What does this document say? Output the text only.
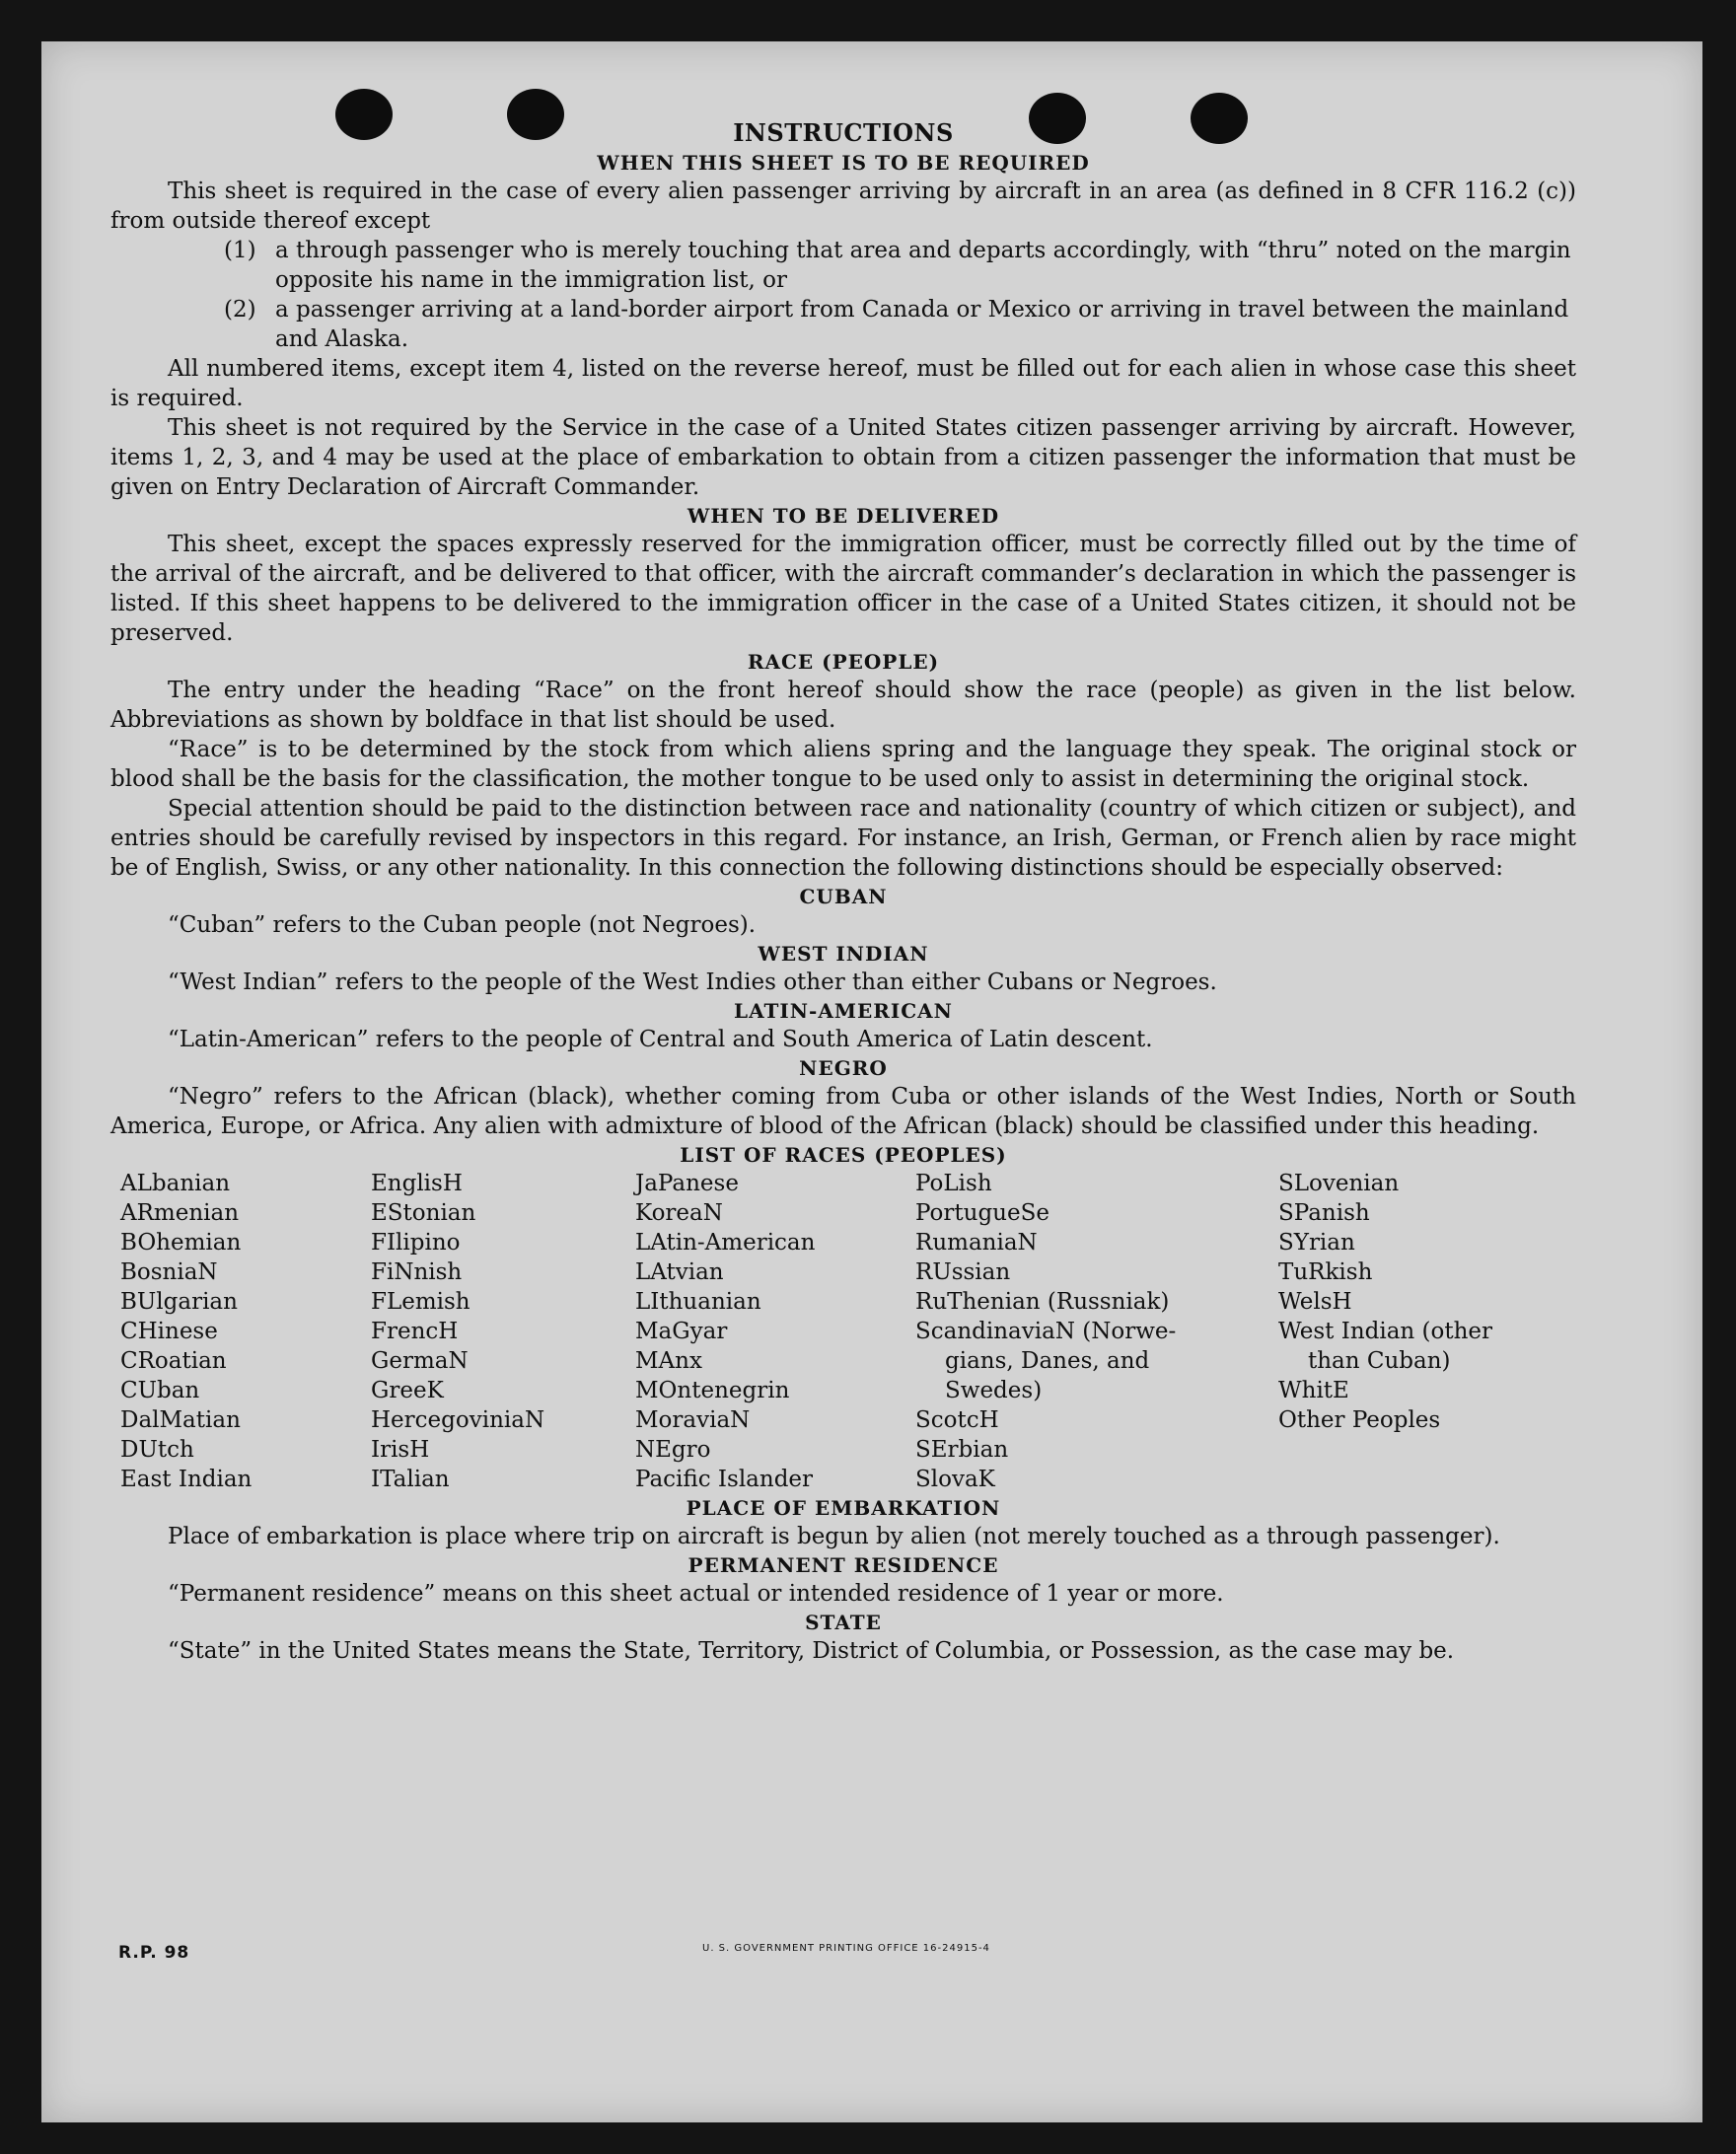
INSTRUCTIONS
WHEN THIS SHEET IS TO BE REQUIRED

This sheet is required in the case of every alien passenger arriving by aircraft in an area (as defined in 8 CFR 116.2 (c)) from outside thereof except

(1) a through passenger who is merely touching that area and departs accordingly, with “thru” noted on the margin opposite his name in the immigration list, or
(2) a passenger arriving at a land-border airport from Canada or Mexico or arriving in travel between the mainland and Alaska.

All numbered items, except item 4, listed on the reverse hereof, must be filled out for each alien in whose case this sheet is required.

This sheet is not required by the Service in the case of a United States citizen passenger arriving by aircraft. However, items 1, 2, 3, and 4 may be used at the place of embarkation to obtain from a citizen passenger the information that must be given on Entry Declaration of Aircraft Commander.

WHEN TO BE DELIVERED

This sheet, except the spaces expressly reserved for the immigration officer, must be correctly filled out by the time of the arrival of the aircraft, and be delivered to that officer, with the aircraft commander’s declaration in which the passenger is listed. If this sheet happens to be delivered to the immigration officer in the case of a United States citizen, it should not be preserved.

RACE (PEOPLE)

The entry under the heading “Race” on the front hereof should show the race (people) as given in the list below. Abbreviations as shown by boldface in that list should be used.

“Race” is to be determined by the stock from which aliens spring and the language they speak. The original stock or blood shall be the basis for the classification, the mother tongue to be used only to assist in determining the original stock.

Special attention should be paid to the distinction between race and nationality (country of which citizen or subject), and entries should be carefully revised by inspectors in this regard. For instance, an Irish, German, or French alien by race might be of English, Swiss, or any other nationality. In this connection the following distinctions should be especially observed:

CUBAN

“Cuban” refers to the Cuban people (not Negroes).

WEST INDIAN

“West Indian” refers to the people of the West Indies other than either Cubans or Negroes.

LATIN-AMERICAN

“Latin-American” refers to the people of Central and South America of Latin descent.

NEGRO

“Negro” refers to the African (black), whether coming from Cuba or other islands of the West Indies, North or South America, Europe, or Africa. Any alien with admixture of blood of the African (black) should be classified under this heading.

LIST OF RACES (PEOPLES)
ALbanian
ARmenian
BOhemian
BosniaN
BUlgarian
CHinese
CRoatian
CUban
DalMatian
DUtch
East Indian
EnglisH
EStonian
FIlipino
FiNnish
FLemish
FrencH
GermaN
GreeK
HercegoviniaN
IrisH
ITalian
JaPanese
KoreaN
LAtin-American
LAtvian
LIthuanian
MaGyar
MAnx
MOntenegrin
MoraviaN
NEgro
Pacific Islander
PoLish
PortugueSe
RumaniaN
RUssian
RuThenian (Russniak)
ScandinaviaN (Norwe-
gians, Danes, and
Swedes)
ScotcH
SErbian
SlovaK
SLovenian
SPanish
SYrian
TuRkish
WelsH
West Indian (other
than Cuban)
WhitE
Other Peoples
PLACE OF EMBARKATION

Place of embarkation is place where trip on aircraft is begun by alien (not merely touched as a through passenger).

PERMANENT RESIDENCE

“Permanent residence” means on this sheet actual or intended residence of 1 year or more.

STATE

“State” in the United States means the State, Territory, District of Columbia, or Possession, as the case may be.

R.P. 98	U. S. GOVERNMENT PRINTING OFFICE 16-24915-4
